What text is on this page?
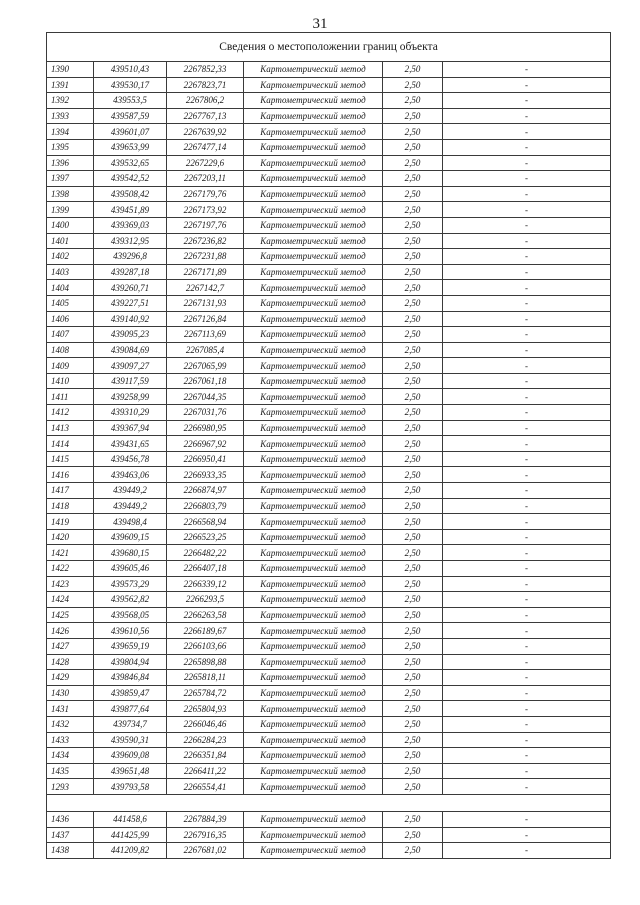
31
Сведения о местоположении границ объекта					
1390	439510,43	2267852,33	Картометрический метод	2,50	-
1391	439530,17	2267823,71	Картометрический метод	2,50	-
1392	439553,5	2267806,2	Картометрический метод	2,50	-
1393	439587,59	2267767,13	Картометрический метод	2,50	-
1394	439601,07	2267639,92	Картометрический метод	2,50	-
1395	439653,99	2267477,14	Картометрический метод	2,50	-
1396	439532,65	2267229,6	Картометрический метод	2,50	-
1397	439542,52	2267203,11	Картометрический метод	2,50	-
1398	439508,42	2267179,76	Картометрический метод	2,50	-
1399	439451,89	2267173,92	Картометрический метод	2,50	-
1400	439369,03	2267197,76	Картометрический метод	2,50	-
1401	439312,95	2267236,82	Картометрический метод	2,50	-
1402	439296,8	2267231,88	Картометрический метод	2,50	-
1403	439287,18	2267171,89	Картометрический метод	2,50	-
1404	439260,71	2267142,7	Картометрический метод	2,50	-
1405	439227,51	2267131,93	Картометрический метод	2,50	-
1406	439140,92	2267126,84	Картометрический метод	2,50	-
1407	439095,23	2267113,69	Картометрический метод	2,50	-
1408	439084,69	2267085,4	Картометрический метод	2,50	-
1409	439097,27	2267065,99	Картометрический метод	2,50	-
1410	439117,59	2267061,18	Картометрический метод	2,50	-
1411	439258,99	2267044,35	Картометрический метод	2,50	-
1412	439310,29	2267031,76	Картометрический метод	2,50	-
1413	439367,94	2266980,95	Картометрический метод	2,50	-
1414	439431,65	2266967,92	Картометрический метод	2,50	-
1415	439456,78	2266950,41	Картометрический метод	2,50	-
1416	439463,06	2266933,35	Картометрический метод	2,50	-
1417	439449,2	2266874,97	Картометрический метод	2,50	-
1418	439449,2	2266803,79	Картометрический метод	2,50	-
1419	439498,4	2266568,94	Картометрический метод	2,50	-
1420	439609,15	2266523,25	Картометрический метод	2,50	-
1421	439680,15	2266482,22	Картометрический метод	2,50	-
1422	439605,46	2266407,18	Картометрический метод	2,50	-
1423	439573,29	2266339,12	Картометрический метод	2,50	-
1424	439562,82	2266293,5	Картометрический метод	2,50	-
1425	439568,05	2266263,58	Картометрический метод	2,50	-
1426	439610,56	2266189,67	Картометрический метод	2,50	-
1427	439659,19	2266103,66	Картометрический метод	2,50	-
1428	439804,94	2265898,88	Картометрический метод	2,50	-
1429	439846,84	2265818,11	Картометрический метод	2,50	-
1430	439859,47	2265784,72	Картометрический метод	2,50	-
1431	439877,64	2265804,93	Картометрический метод	2,50	-
1432	439734,7	2266046,46	Картометрический метод	2,50	-
1433	439590,31	2266284,23	Картометрический метод	2,50	-
1434	439609,08	2266351,84	Картометрический метод	2,50	-
1435	439651,48	2266411,22	Картометрический метод	2,50	-
1293	439793,58	2266554,41	Картометрический метод	2,50	-

1436	441458,6	2267884,39	Картометрический метод	2,50	-
1437	441425,99	2267916,35	Картометрический метод	2,50	-
1438	441209,82	2267681,02	Картометрический метод	2,50	-
